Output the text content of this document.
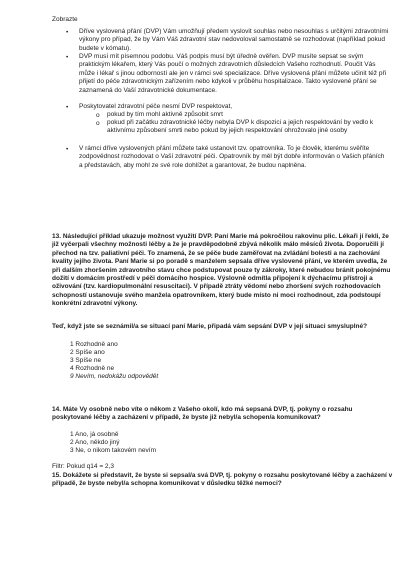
Zobrazte
• Dříve vyslovená přání (DVP) Vám umožňují předem vyslovit souhlas nebo nesouhlas s určitými zdravotními výkony pro případ, že by Vám Váš zdravotní stav nedovoloval samostatně se rozhodovat (například pokud budete v kómatu).
• DVP musí mít písemnou podobu. Váš podpis musí být úředně ověřen. DVP musíte sepsat se svým praktickým lékařem, který Vás poučí o možných zdravotních důsledcích Vašeho rozhodnutí. Poučit Vás může i lékař s jinou odborností ale jen v rámci své specializace. Dříve vyslovená přání můžete učinit též při přijetí do péče zdravotnickým zařízením nebo kdykoli v průběhu hospitalizace. Takto vyslovené přání se zaznamená do Vaší zdravotnické dokumentace.
• Poskytovatel zdravotní péče nesmí DVP respektovat,
o pokud by tím mohl aktivně způsobit smrt
o pokud při začátku zdravotnické léčby nebyla DVP k dispozici a jejich respektování by vedlo k aktivnímu způsobení smrti nebo pokud by jejich respektování ohrožovalo jiné osoby
• V rámci dříve vyslovených přání můžete také ustanovit tzv. opatrovníka. To je člověk, kterému svěříte zodpovědnost rozhodovat o Vaší zdravotní péči. Opatrovník by měl být dobře informován o Vašich přáních a představách, aby mohl ze své role dohlížet a garantovat, že budou naplněna.
13. Následující příklad ukazuje možnost využití DVP. Paní Marie má pokročilou rakovinu plic. Lékaři jí řekli, že již vyčerpali všechny možnosti léčby a že je pravděpodobně zbývá několik málo měsíců života. Doporučili jí přechod na tzv. paliativní péči. To znamená, že se péče bude zaměřovat na zvládání bolesti a na zachování kvality jejího života. Paní Marie si po poradě s manželem sepsala dříve vyslovené přání, ve kterém uvedla, že při dalším zhoršením zdravotního stavu chce podstupovat pouze ty zákroky, které nebudou bránit pokojnému dožití v domácím prostředí v péči domácího hospice. Výslovně odmítla připojení k dýchacímu přístroji a oživování (tzv. kardiopulmonální resuscitaci). V případě ztráty vědomí nebo zhoršení svých rozhodovacích schopností ustanovuje svého manžela opatrovníkem, který bude místo ni moci rozhodnout, zda podstoupí konkrétní zdravotní výkony.
Teď, když jste se seznámil/a se situací paní Marie, připadá vám sepsání DVP v její situaci smysluplné?
1 Rozhodně ano
2 Spíše ano
3 Spíše ne
4 Rozhodně ne
9 Nevím, nedokážu odpovědět
14. Máte Vy osobně nebo víte o někom z Vašeho okolí, kdo má sepsaná DVP, tj. pokyny o rozsahu poskytované léčby a zacházení v případě, že byste již nebyl/a schopen/a komunikovat?
1 Ano, já osobně
2 Ano, někdo jiný
3 Ne, o nikom takovém nevím
Filtr: Pokud q14 = 2,3
15. Dokážete si představit, že byste si sepsal/a svá DVP, tj. pokyny o rozsahu poskytované léčby a zacházení v případě, že byste nebyl/a schopna komunikovat v důsledku těžké nemoci?
